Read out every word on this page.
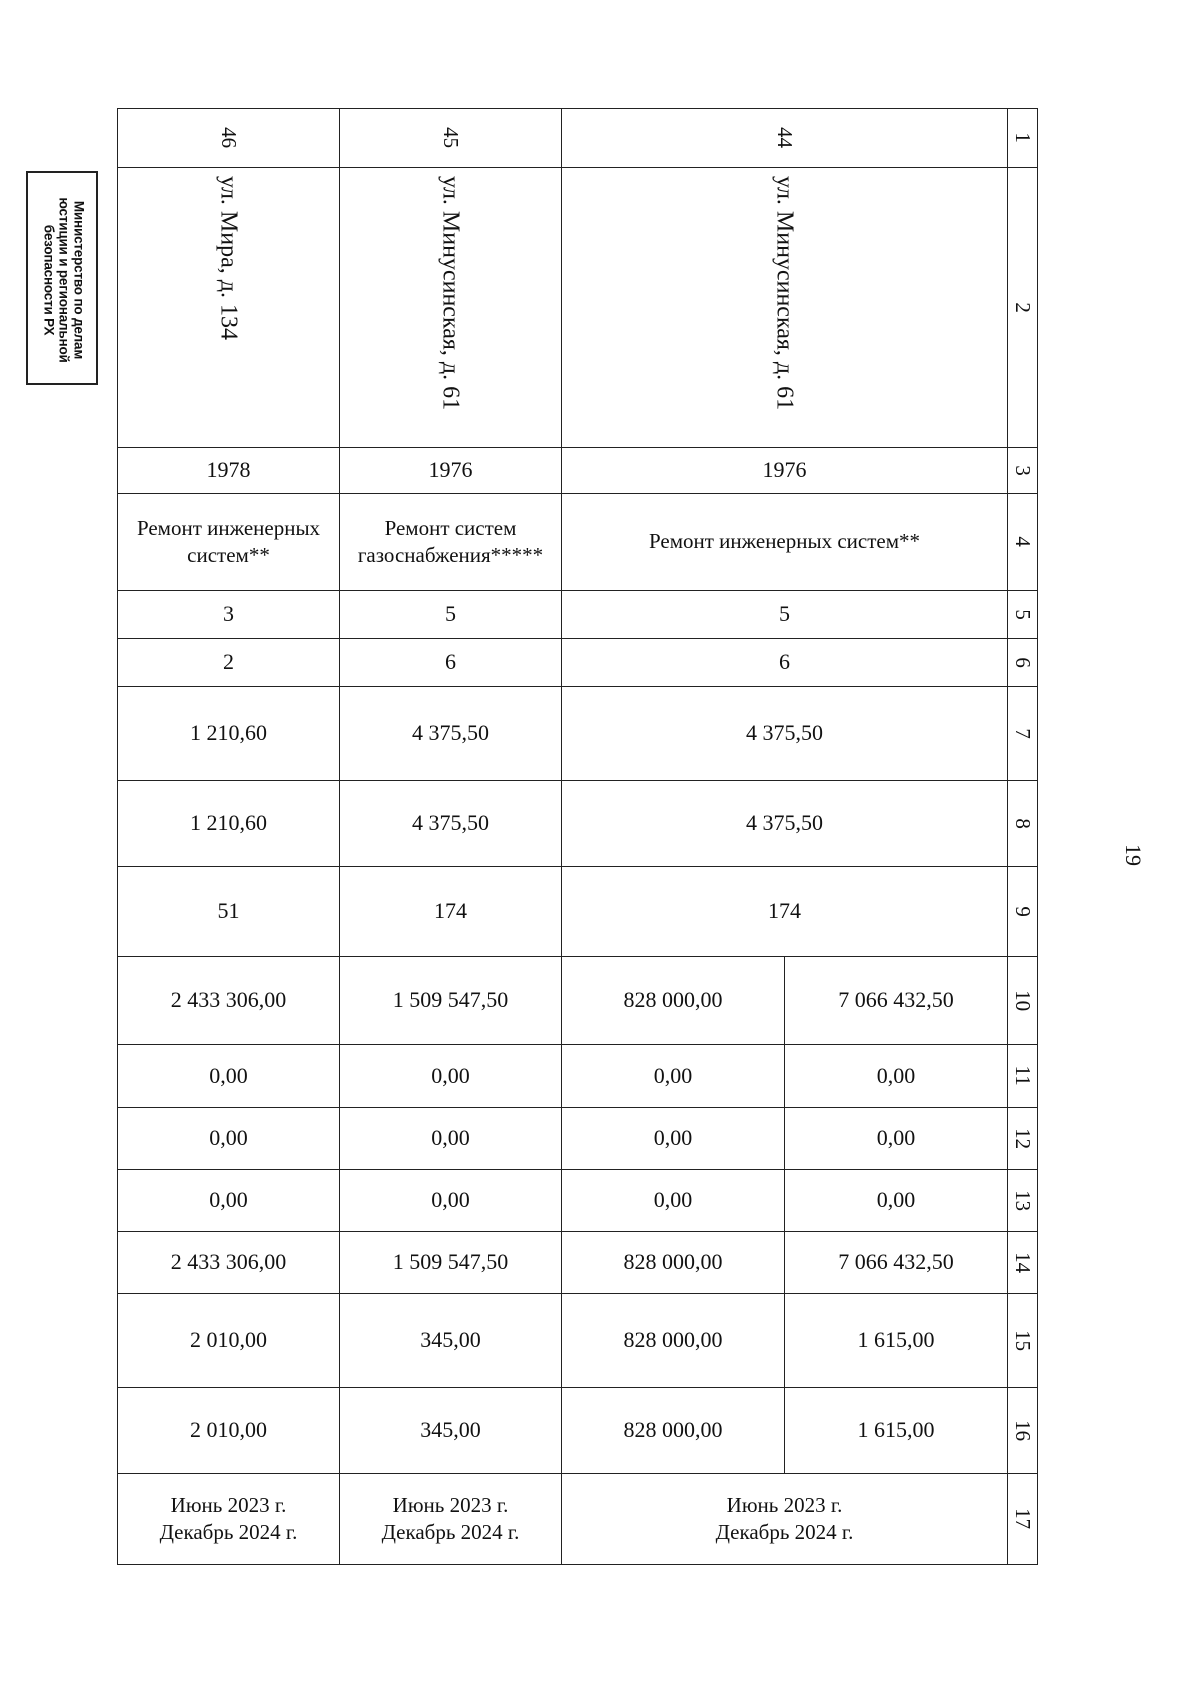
Министерство по делам
юстиции и региональной
безопасности РХ
19
46	45	44		1

ул. Мира, д. 134	ул. Минусинская, д. 61	ул. Минусинская, д. 61		2

1978	1976	1976		3

Ремонт инженерных
систем**	Ремонт систем
газоснабжения*****	Ремонт инженерных систем**		4

3	5	5		5

2	6	6		6

1 210,60	4 375,50	4 375,50		7

1 210,60	4 375,50	4 375,50		8

51	174	174		9

2 433 306,00	1 509 547,50	828 000,00	7 066 432,50	10

0,00	0,00	0,00	0,00	11

0,00	0,00	0,00	0,00	12

0,00	0,00	0,00	0,00	13

2 433 306,00	1 509 547,50	828 000,00	7 066 432,50	14

2 010,00	345,00	828 000,00	1 615,00	15

2 010,00	345,00	828 000,00	1 615,00	16

Июнь 2023 г.
Декабрь 2024 г.	Июнь 2023 г.
Декабрь 2024 г.	Июнь 2023 г.
Декабрь 2024 г.		17
